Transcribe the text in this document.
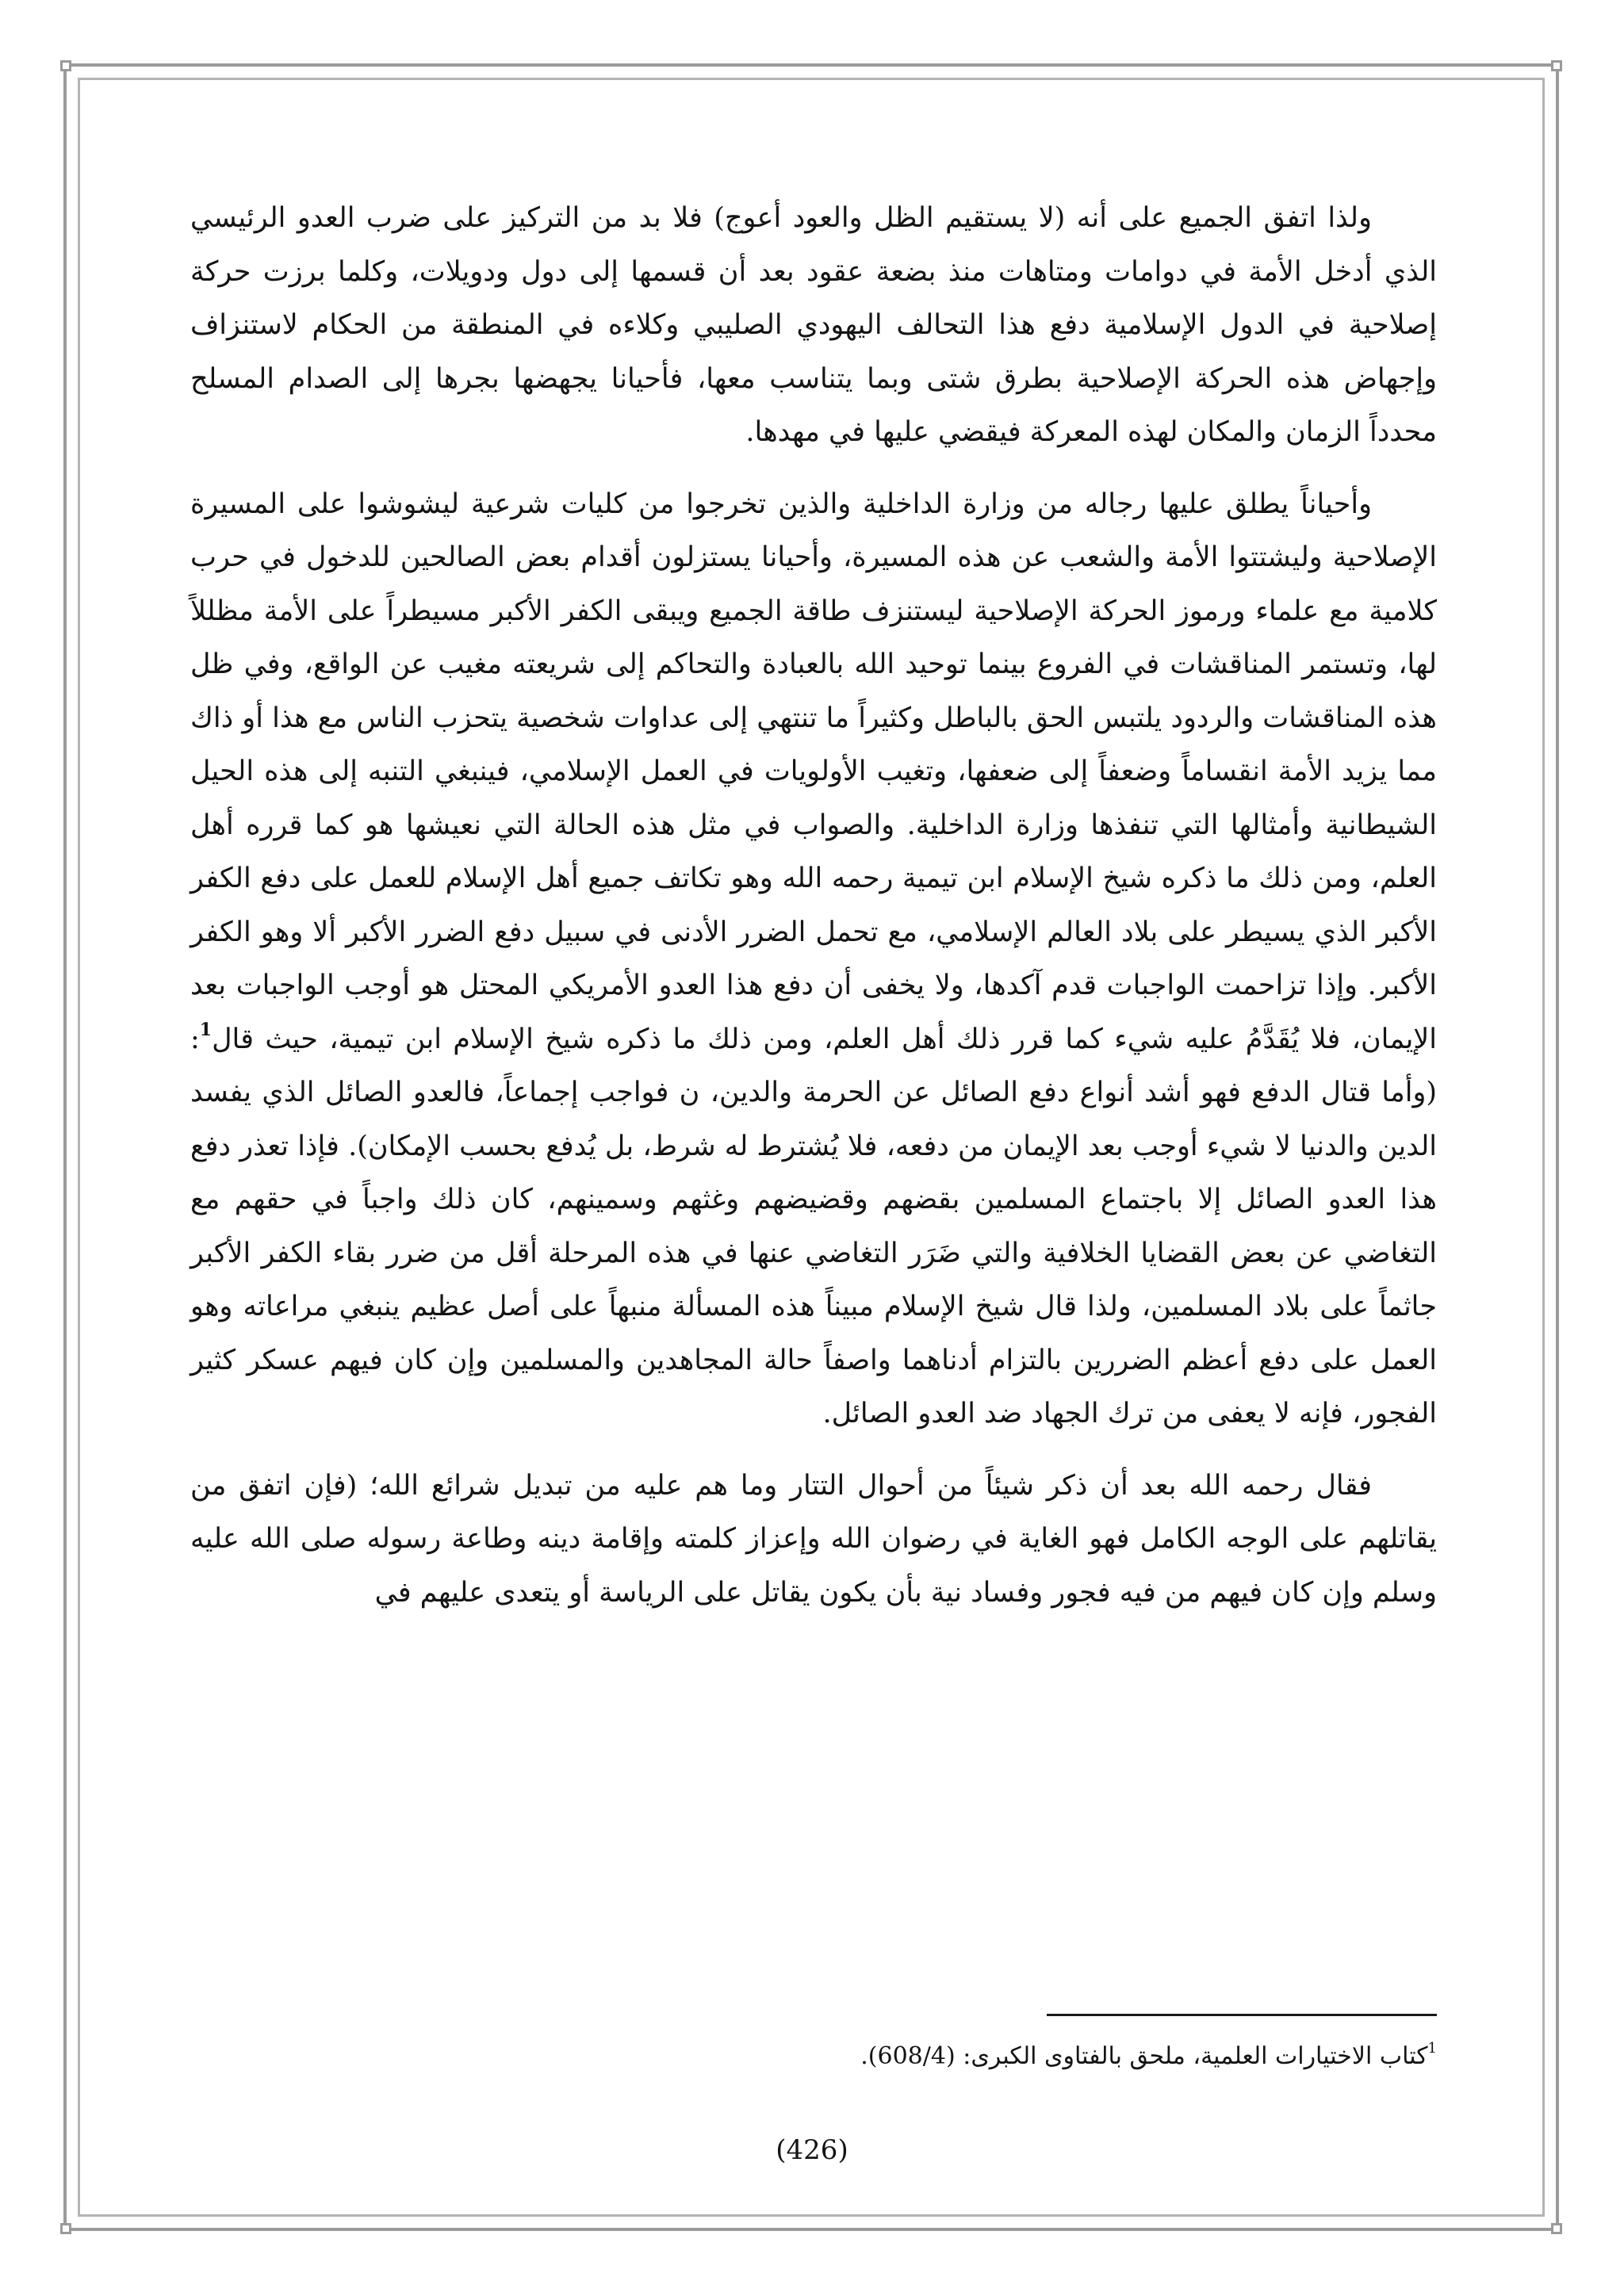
ولذا اتفق الجميع على أنه (لا يستقيم الظل والعود أعوج) فلا بد من التركيز على ضرب العدو الرئيسي الذي أدخل الأمة في دوامات ومتاهات منذ بضعة عقود بعد أن قسمها إلى دول ودويلات، وكلما برزت حركة إصلاحية في الدول الإسلامية دفع هذا التحالف اليهودي الصليبي وكلاءه في المنطقة من الحكام لاستنزاف وإجهاض هذه الحركة الإصلاحية بطرق شتى وبما يتناسب معها، فأحيانا يجهضها بجرها إلى الصدام المسلح محدداً الزمان والمكان لهذه المعركة فيقضي عليها في مهدها.

وأحياناً يطلق عليها رجاله من وزارة الداخلية والذين تخرجوا من كليات شرعية ليشوشوا على المسيرة الإصلاحية وليشتتوا الأمة والشعب عن هذه المسيرة، وأحيانا يستزلون أقدام بعض الصالحين للدخول في حرب كلامية مع علماء ورموز الحركة الإصلاحية ليستنزف طاقة الجميع ويبقى الكفر الأكبر مسيطراً على الأمة مظللاً لها، وتستمر المناقشات في الفروع بينما توحيد الله بالعبادة والتحاكم إلى شريعته مغيب عن الواقع، وفي ظل هذه المناقشات والردود يلتبس الحق بالباطل وكثيراً ما تنتهي إلى عداوات شخصية يتحزب الناس مع هذا أو ذاك مما يزيد الأمة انقساماً وضعفاً إلى ضعفها، وتغيب الأولويات في العمل الإسلامي، فينبغي التنبه إلى هذه الحيل الشيطانية وأمثالها التي تنفذها وزارة الداخلية. والصواب في مثل هذه الحالة التي نعيشها هو كما قرره أهل العلم، ومن ذلك ما ذكره شيخ الإسلام ابن تيمية رحمه الله وهو تكاتف جميع أهل الإسلام للعمل على دفع الكفر الأكبر الذي يسيطر على بلاد العالم الإسلامي، مع تحمل الضرر الأدنى في سبيل دفع الضرر الأكبر ألا وهو الكفر الأكبر. وإذا تزاحمت الواجبات قدم آكدها، ولا يخفى أن دفع هذا العدو الأمريكي المحتل هو أوجب الواجبات بعد الإيمان، فلا يُقَدَّمُ عليه شيء كما قرر ذلك أهل العلم، ومن ذلك ما ذكره شيخ الإسلام ابن تيمية، حيث قال$^1$: (وأما قتال الدفع فهو أشد أنواع دفع الصائل عن الحرمة والدين، ن فواجب إجماعاً، فالعدو الصائل الذي يفسد الدين والدنيا لا شيء أوجب بعد الإيمان من دفعه، فلا يُشترط له شرط، بل يُدفع بحسب الإمكان). فإذا تعذر دفع هذا العدو الصائل إلا باجتماع المسلمين بقضهم وقضيضهم وغثهم وسمينهم، كان ذلك واجباً في حقهم مع التغاضي عن بعض القضايا الخلافية والتي ضَرَر التغاضي عنها في هذه المرحلة أقل من ضرر بقاء الكفر الأكبر جاثماً على بلاد المسلمين، ولذا قال شيخ الإسلام مبيناً هذه المسألة منبهاً على أصل عظيم ينبغي مراعاته وهو العمل على دفع أعظم الضررين بالتزام أدناهما واصفاً حالة المجاهدين والمسلمين وإن كان فيهم عسكر كثير الفجور، فإنه لا يعفى من ترك الجهاد ضد العدو الصائل.

فقال رحمه الله بعد أن ذكر شيئاً من أحوال التتار وما هم عليه من تبديل شرائع الله؛ (فإن اتفق من يقاتلهم على الوجه الكامل فهو الغاية في رضوان الله وإعزاز كلمته وإقامة دينه وطاعة رسوله صلى الله عليه وسلم وإن كان فيهم من فيه فجور وفساد نية بأن يكون يقاتل على الرياسة أو يتعدى عليهم في

$^1$كتاب الاختيارات العلمية، ملحق بالفتاوى الكبرى: (608/4).
(426)
